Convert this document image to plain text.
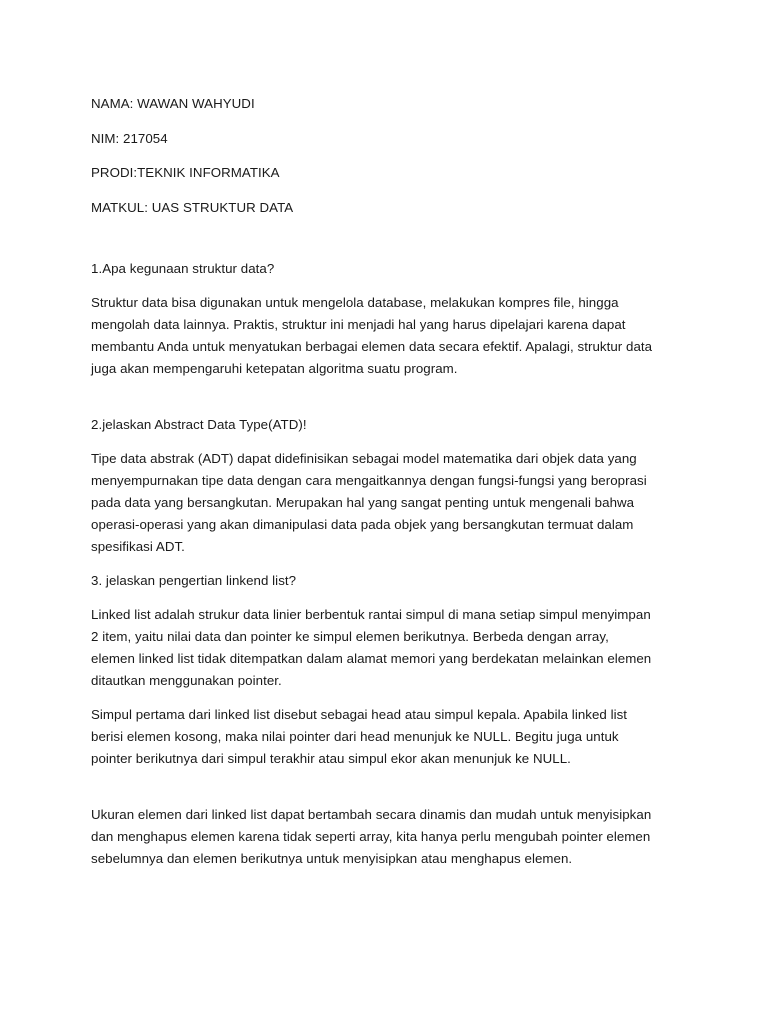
NAMA: WAWAN WAHYUDI

NIM: 217054

PRODI:TEKNIK INFORMATIKA

MATKUL: UAS STRUKTUR DATA

1.Apa kegunaan struktur data?

Struktur data bisa digunakan untuk mengelola database, melakukan kompres file, hingga

mengolah data lainnya. Praktis, struktur ini menjadi hal yang harus dipelajari karena dapat

membantu Anda untuk menyatukan berbagai elemen data secara efektif. Apalagi, struktur data

juga akan mempengaruhi ketepatan algoritma suatu program.

2.jelaskan Abstract Data Type(ATD)!

Tipe data abstrak (ADT) dapat didefinisikan sebagai model matematika dari objek data yang

menyempurnakan tipe data dengan cara mengaitkannya dengan fungsi-fungsi yang beroprasi

pada data yang bersangkutan. Merupakan hal yang sangat penting untuk mengenali bahwa

operasi-operasi yang akan dimanipulasi data pada objek yang bersangkutan termuat dalam

spesifikasi ADT.

3. jelaskan pengertian linkend list?

Linked list adalah strukur data linier berbentuk rantai simpul di mana setiap simpul menyimpan

2 item, yaitu nilai data dan pointer ke simpul elemen berikutnya. Berbeda dengan array,

elemen linked list tidak ditempatkan dalam alamat memori yang berdekatan melainkan elemen

ditautkan menggunakan pointer.

Simpul pertama dari linked list disebut sebagai head atau simpul kepala. Apabila linked list

berisi elemen kosong, maka nilai pointer dari head menunjuk ke NULL. Begitu juga untuk

pointer berikutnya dari simpul terakhir atau simpul ekor akan menunjuk ke NULL.

Ukuran elemen dari linked list dapat bertambah secara dinamis dan mudah untuk menyisipkan

dan menghapus elemen karena tidak seperti array, kita hanya perlu mengubah pointer elemen

sebelumnya dan elemen berikutnya untuk menyisipkan atau menghapus elemen.
